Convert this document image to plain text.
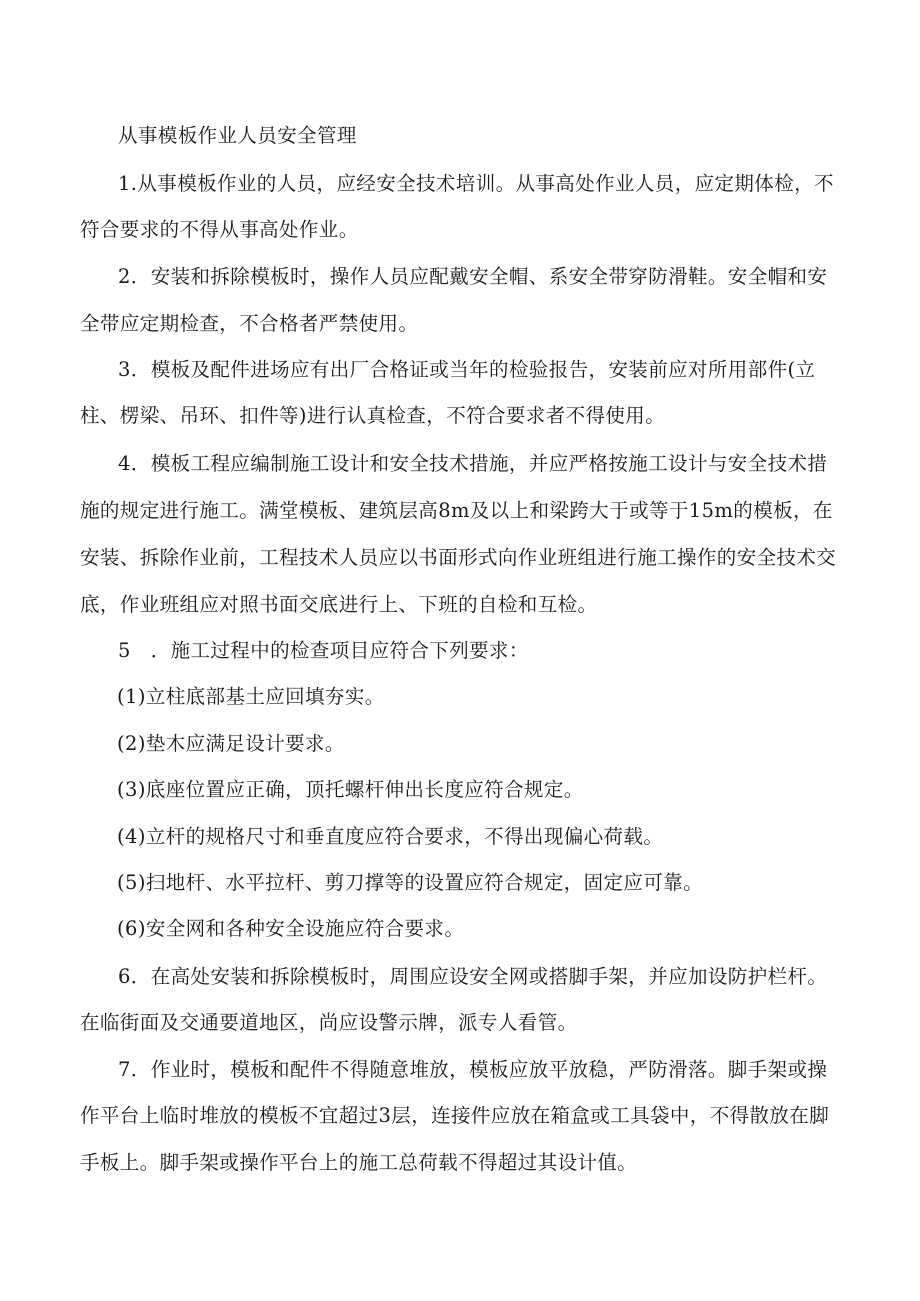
从事模板作业人员安全管理
1.从事模板作业的人员，应经安全技术培训。从事高处作业人员，应定期体检，不
符合要求的不得从事高处作业。
2．安装和拆除模板时，操作人员应配戴安全帽、系安全带穿防滑鞋。安全帽和安
全带应定期检查，不合格者严禁使用。
3．模板及配件进场应有出厂合格证或当年的检验报告，安装前应对所用部件(立
柱、楞梁、吊环、扣件等)进行认真检查，不符合要求者不得使用。
4．模板工程应编制施工设计和安全技术措施，并应严格按施工设计与安全技术措
施的规定进行施工。满堂模板、建筑层高8m及以上和梁跨大于或等于15m的模板，在
安装、拆除作业前，工程技术人员应以书面形式向作业班组进行施工操作的安全技术交
底，作业班组应对照书面交底进行上、下班的自检和互检。
5　．施工过程中的检查项目应符合下列要求：
(1)立柱底部基土应回填夯实。
(2)垫木应满足设计要求。
(3)底座位置应正确，顶托螺杆伸出长度应符合规定。
(4)立杆的规格尺寸和垂直度应符合要求，不得出现偏心荷载。
(5)扫地杆、水平拉杆、剪刀撑等的设置应符合规定，固定应可靠。
(6)安全网和各种安全设施应符合要求。
6．在高处安装和拆除模板时，周围应设安全网或搭脚手架，并应加设防护栏杆。
在临街面及交通要道地区，尚应设警示牌，派专人看管。
7．作业时，模板和配件不得随意堆放，模板应放平放稳，严防滑落。脚手架或操
作平台上临时堆放的模板不宜超过3层，连接件应放在箱盒或工具袋中，不得散放在脚
手板上。脚手架或操作平台上的施工总荷载不得超过其设计值。
